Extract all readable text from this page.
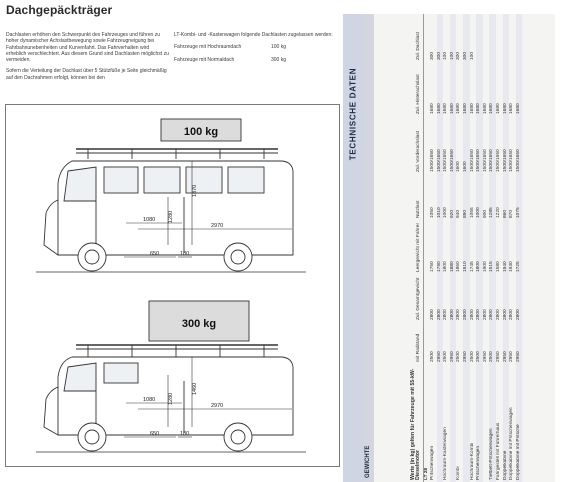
Dachgepäckträger

Dachlasten erhöhen den Schwerpunkt des Fahrzeuges und führen zu hoher dynamischer Achslastbewegung sowie Fahrzeugneigung bei Fahrbahnunebenheiten und Kurvenfahrt. Das Fahrverhalten wird erheblich verschlechtert. Aus diesem Grund sind Dachlasten möglichst zu vermeiden.

Sofern die Verteilung der Dachlast über 5 Stützfüße je Seite gleichmäßig auf den Dachrahmen erfolgt, können bei den

LT-Kombi- und -Kastenwagen folgende Dachlasten zugelassen werden:

Fahrzeuge mit Hochraumdach	100 kg
Fahrzeuge mit Normaldach	300 kg
100 kg
1870
1280
1080
2970
650	180
300 kg
1460
1280
1080
2970
650	180
TECHNISCHE DATEN
GEWICHTE	Werte (in kg) gelten für Fahrzeuge mit 55-kW-Dieselmotor	mit Radstand	Zul. Gesamtgewicht	Leergewicht mit Fahrer	Nutzlast	Zul. Vorderachslast	Zul. Hinterachslast	Zul. Dachlast
LT 28							
Pritschenwagen	2500	2800	1750	1050	1500/1650	1680	300
	2950	2800	1790	1010	1500/1650	1680	300
Hochraum-Kastenwagen	2500	2800	1800	1000	1500/1650	1680	100
	2950	2800	1880	920	1500/1650	1680	100
Kombi	2500	2800	1860	940	1600	1680	300
	2950	2800	1910	890	1600	1680	300
Hochraum-Kombi	2500	2800	1745	1055	1500/1650	1680	100
Pritschenwagen	2500	2800	1800	1000	1500/1650	1680	
	2950	2800	1900	900	1500/1650	1680	
Tiefbett-Pritschenwagen	2500	2800	1515	1285	1500/1650	1680	
Fahrgestell mit Fahrerhaus	2950	2800	1580	1220	1500/1650	1680	
Doppelkabine	2950	2800	1940	860	1500/1650	1680	
Doppelkabine mit Pritschenwagen	2950	2800	1930	870	1500/1650	1680	
Doppelkabine mit Pritsche	2950	2800	1725	1075	1500/1650	1680	
